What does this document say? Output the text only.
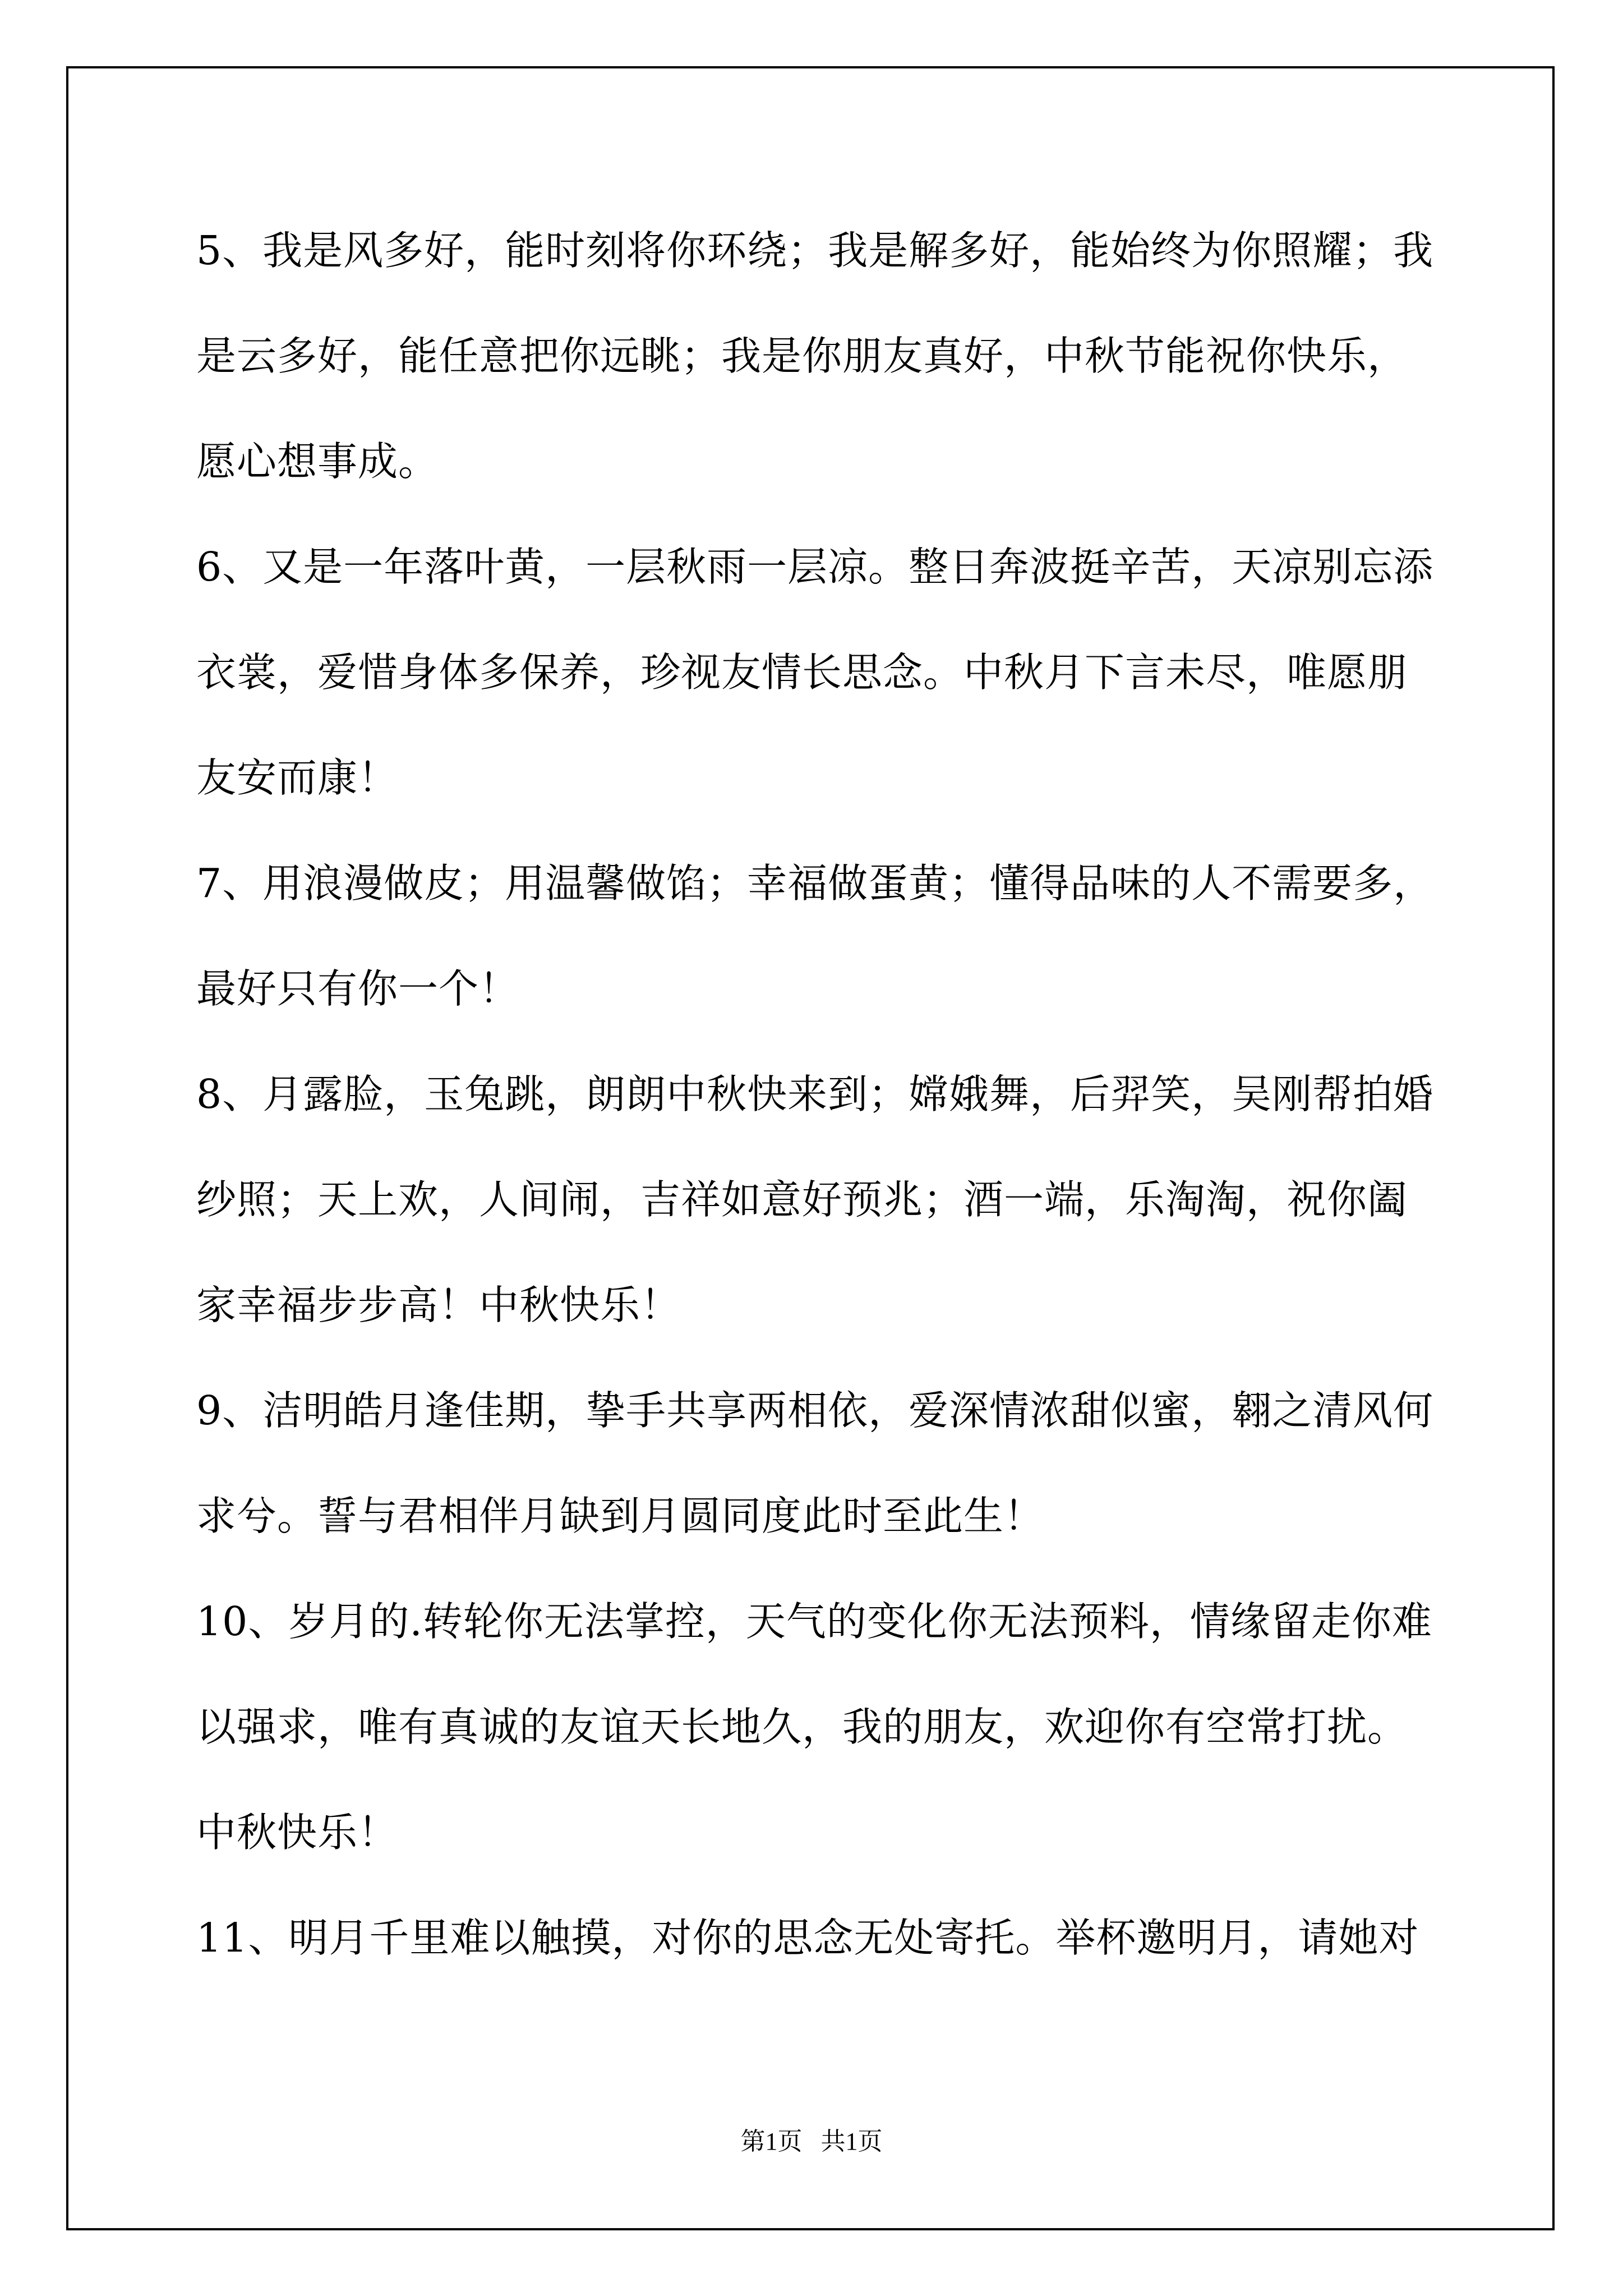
5、我是风多好，能时刻将你环绕；我是解多好，能始终为你照耀；我

是云多好，能任意把你远眺；我是你朋友真好，中秋节能祝你快乐，

愿心想事成。

6、又是一年落叶黄，一层秋雨一层凉。整日奔波挺辛苦，天凉别忘添

衣裳，爱惜身体多保养，珍视友情长思念。中秋月下言未尽，唯愿朋

友安而康！

7、用浪漫做皮；用温馨做馅；幸福做蛋黄；懂得品味的人不需要多，

最好只有你一个！

8、月露脸，玉兔跳，朗朗中秋快来到；嫦娥舞，后羿笑，吴刚帮拍婚

纱照；天上欢，人间闹，吉祥如意好预兆；酒一端，乐淘淘，祝你阖

家幸福步步高！中秋快乐！

9、洁明皓月逢佳期，挚手共享两相依，爱深情浓甜似蜜，翱之清风何

求兮。誓与君相伴月缺到月圆同度此时至此生！

10、岁月的.转轮你无法掌控，天气的变化你无法预料，情缘留走你难

以强求，唯有真诚的友谊天长地久，我的朋友，欢迎你有空常打扰。

中秋快乐！

11、明月千里难以触摸，对你的思念无处寄托。举杯邀明月，请她对

第1页   共1页
